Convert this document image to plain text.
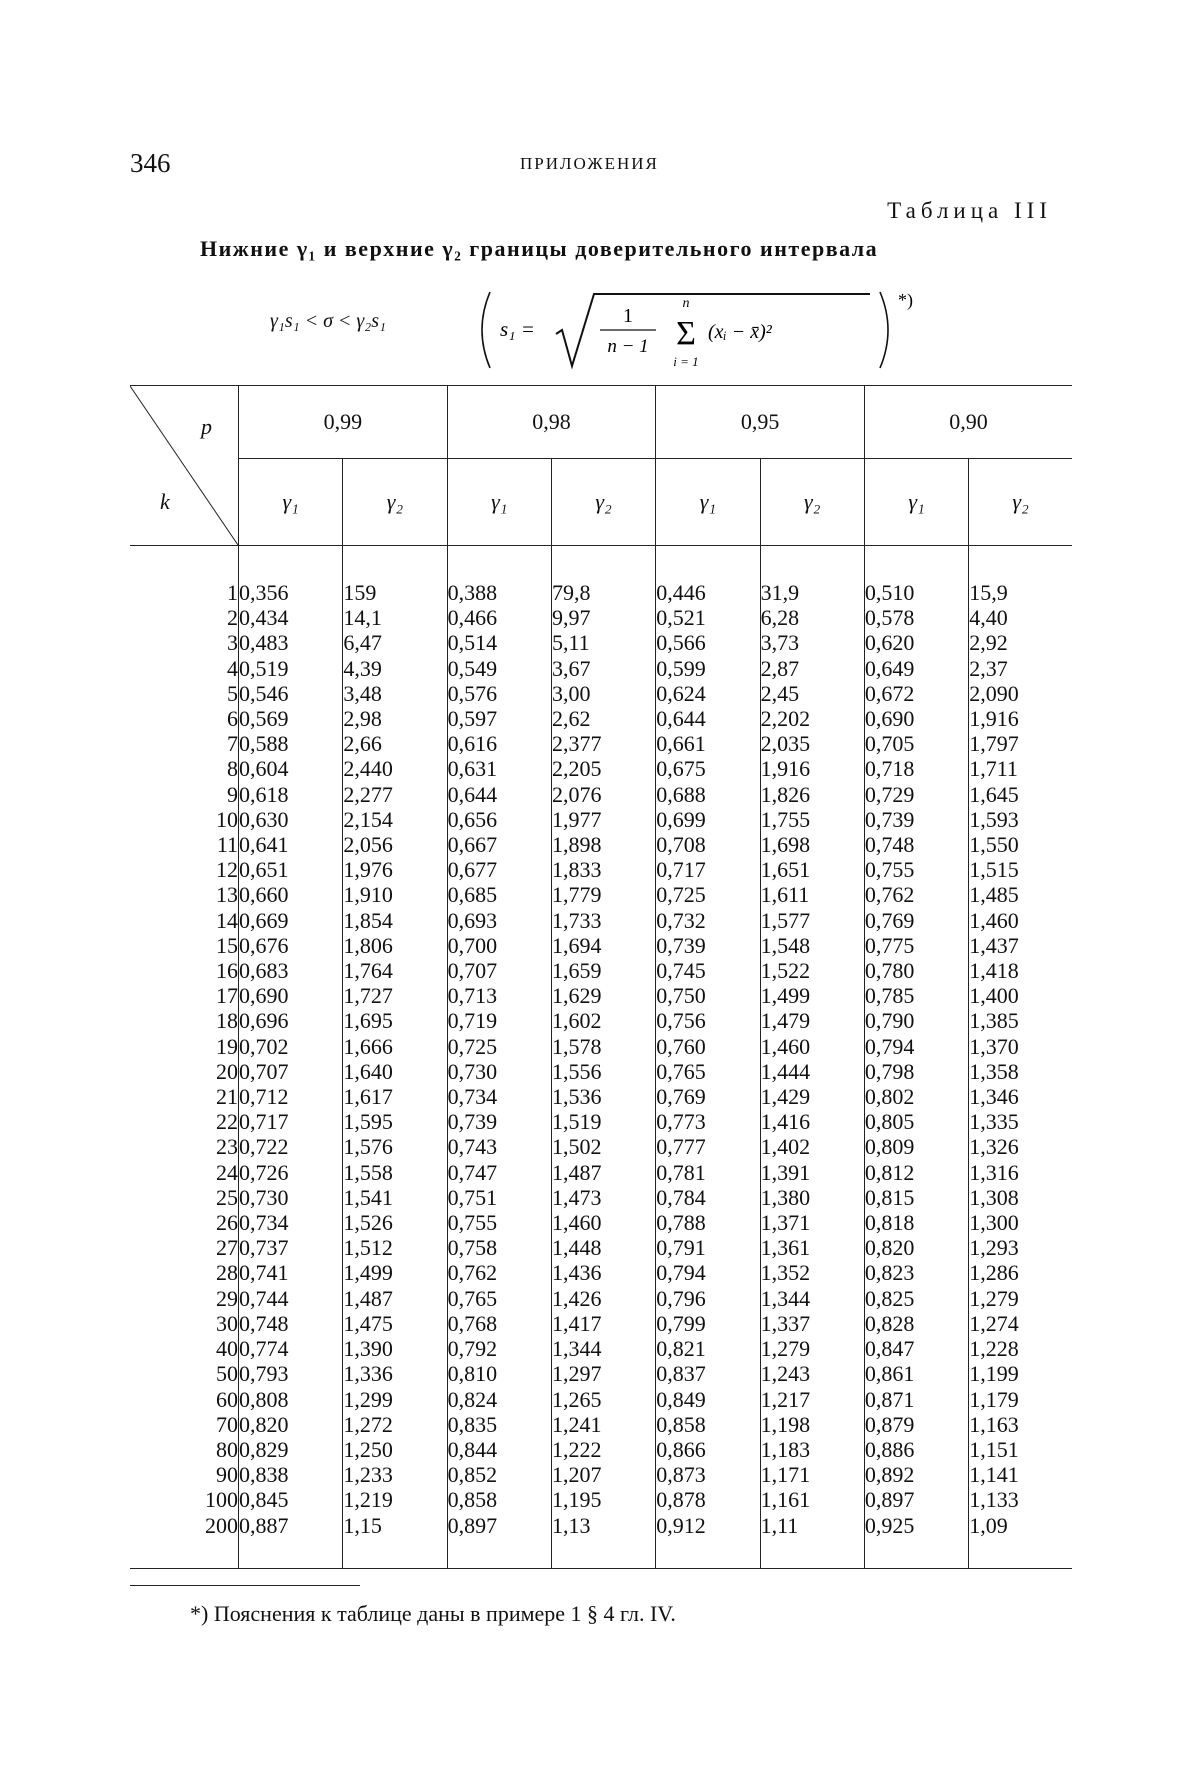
346	ПРИЛОЖЕНИЯ
Таблица III
Нижние γ₁ и верхние γ₂ границы доверительного интервала
γ₁s₁ < σ < γ₂s₁	s₁ =
1
n − 1
n
Σ
i = 1
(xᵢ − x̄)²
*)
p
k	0,99		0,98		0,95		0,90	
	γ₁	γ₂	γ₁	γ₂	γ₁	γ₂	γ₁	γ₂
1	0,356	159	0,388	79,8	0,446	31,9	0,510	15,9
2	0,434	14,1	0,466	9,97	0,521	6,28	0,578	4,40
3	0,483	6,47	0,514	5,11	0,566	3,73	0,620	2,92
4	0,519	4,39	0,549	3,67	0,599	2,87	0,649	2,37
5	0,546	3,48	0,576	3,00	0,624	2,45	0,672	2,090
6	0,569	2,98	0,597	2,62	0,644	2,202	0,690	1,916
7	0,588	2,66	0,616	2,377	0,661	2,035	0,705	1,797
8	0,604	2,440	0,631	2,205	0,675	1,916	0,718	1,711
9	0,618	2,277	0,644	2,076	0,688	1,826	0,729	1,645
10	0,630	2,154	0,656	1,977	0,699	1,755	0,739	1,593
11	0,641	2,056	0,667	1,898	0,708	1,698	0,748	1,550
12	0,651	1,976	0,677	1,833	0,717	1,651	0,755	1,515
13	0,660	1,910	0,685	1,779	0,725	1,611	0,762	1,485
14	0,669	1,854	0,693	1,733	0,732	1,577	0,769	1,460
15	0,676	1,806	0,700	1,694	0,739	1,548	0,775	1,437
16	0,683	1,764	0,707	1,659	0,745	1,522	0,780	1,418
17	0,690	1,727	0,713	1,629	0,750	1,499	0,785	1,400
18	0,696	1,695	0,719	1,602	0,756	1,479	0,790	1,385
19	0,702	1,666	0,725	1,578	0,760	1,460	0,794	1,370
20	0,707	1,640	0,730	1,556	0,765	1,444	0,798	1,358
21	0,712	1,617	0,734	1,536	0,769	1,429	0,802	1,346
22	0,717	1,595	0,739	1,519	0,773	1,416	0,805	1,335
23	0,722	1,576	0,743	1,502	0,777	1,402	0,809	1,326
24	0,726	1,558	0,747	1,487	0,781	1,391	0,812	1,316
25	0,730	1,541	0,751	1,473	0,784	1,380	0,815	1,308
26	0,734	1,526	0,755	1,460	0,788	1,371	0,818	1,300
27	0,737	1,512	0,758	1,448	0,791	1,361	0,820	1,293
28	0,741	1,499	0,762	1,436	0,794	1,352	0,823	1,286
29	0,744	1,487	0,765	1,426	0,796	1,344	0,825	1,279
30	0,748	1,475	0,768	1,417	0,799	1,337	0,828	1,274
40	0,774	1,390	0,792	1,344	0,821	1,279	0,847	1,228
50	0,793	1,336	0,810	1,297	0,837	1,243	0,861	1,199
60	0,808	1,299	0,824	1,265	0,849	1,217	0,871	1,179
70	0,820	1,272	0,835	1,241	0,858	1,198	0,879	1,163
80	0,829	1,250	0,844	1,222	0,866	1,183	0,886	1,151
90	0,838	1,233	0,852	1,207	0,873	1,171	0,892	1,141
100	0,845	1,219	0,858	1,195	0,878	1,161	0,897	1,133
200	0,887	1,15	0,897	1,13	0,912	1,11	0,925	1,09
*) Пояснения к таблице даны в примере 1 § 4 гл. IV.
